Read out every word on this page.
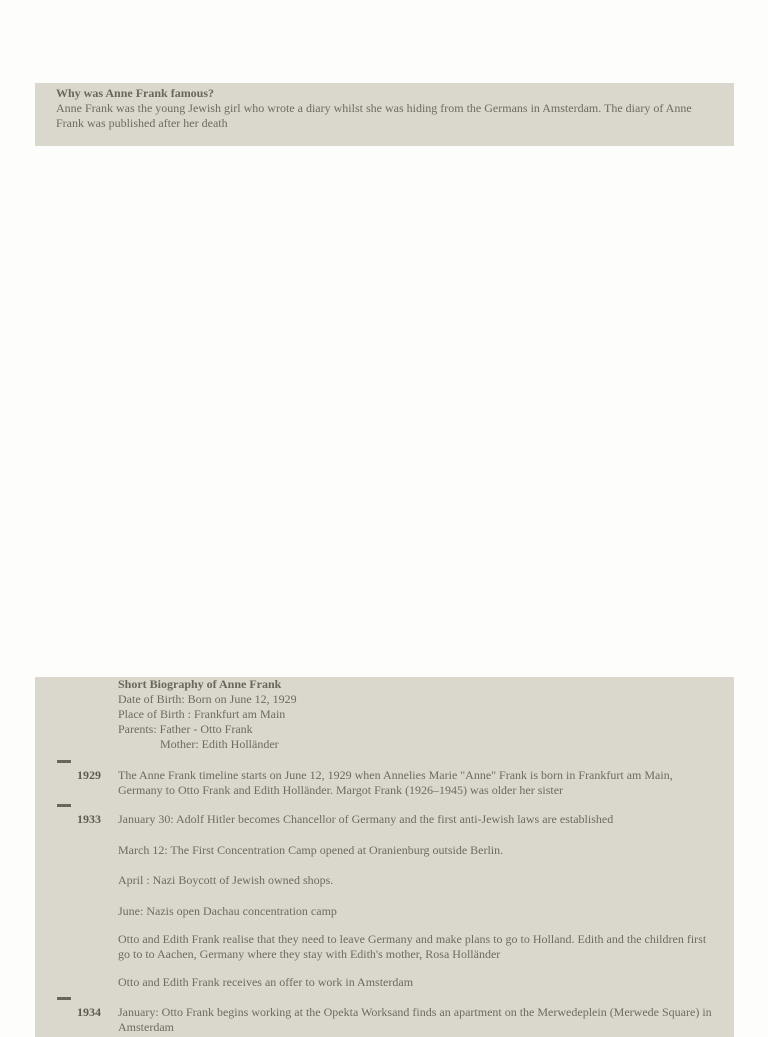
Why was Anne Frank famous?
Anne Frank was the young Jewish girl who wrote a diary whilst she was hiding from the Germans in Amsterdam. The diary of Anne Frank was published after her death
Short Biography of Anne Frank
Date of Birth: Born on June 12, 1929
Place of Birth : Frankfurt am Main
Parents: Father - Otto Frank
Mother: Edith Holländer
1929 The Anne Frank timeline starts on June 12, 1929 when Annelies Marie "Anne" Frank is born in Frankfurt am Main, Germany to Otto Frank and Edith Holländer. Margot Frank (1926–1945) was older her sister
1933 January 30: Adolf Hitler becomes Chancellor of Germany and the first anti-Jewish laws are established
March 12: The First Concentration Camp opened at Oranienburg outside Berlin.
April : Nazi Boycott of Jewish owned shops.
June: Nazis open Dachau concentration camp
Otto and Edith Frank realise that they need to leave Germany and make plans to go to Holland. Edith and the children first go to to Aachen, Germany where they stay with Edith's mother, Rosa Holländer
Otto and Edith Frank receives an offer to work in Amsterdam
1934 January: Otto Frank begins working at the Opekta Worksand finds an apartment on the Merwedeplein (Merwede Square) in Amsterdam
